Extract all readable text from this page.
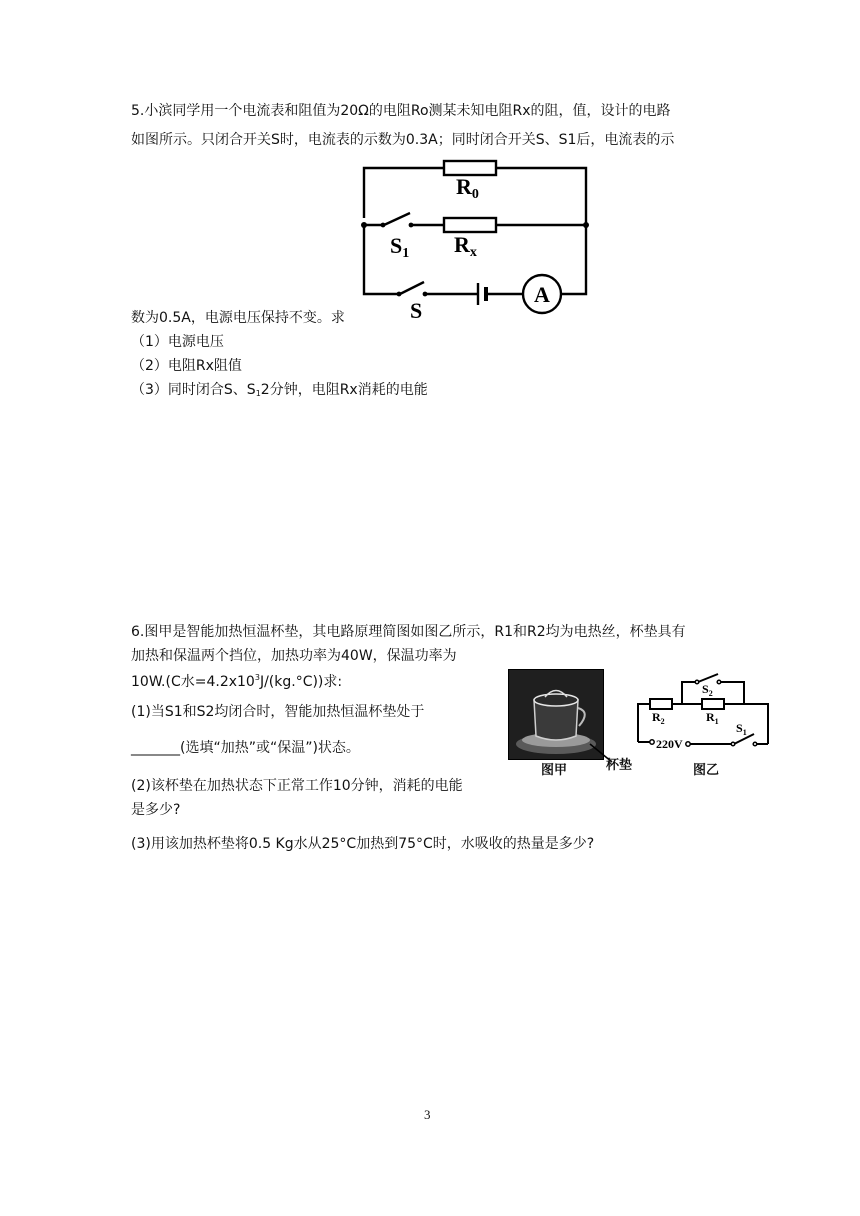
5.小滨同学用一个电流表和阻值为20Ω的电阻Ro测某未知电阻Rx的阻，值，设计的电路
如图所示。只闭合开关S时，电流表的示数为0.3A；同时闭合开关S、S1后，电流表的示
R0
Rx
S1
S
A
数为0.5A，电源电压保持不变。求
（1）电源电压
（2）电阻Rx阻值
（3）同时闭合S、$S_12$分钟，电阻Rx消耗的电能
6.图甲是智能加热恒温杯垫，其电路原理简图如图乙所示，R1和R2均为电热丝，杯垫具有
加热和保温两个挡位，加热功率为40W，保温功率为
10W.(C水$=4.2x10^3J/(kg.^\circ C)$)求:
(1)当S1和S2均闭合时，智能加热恒温杯垫处于
_______(选填“加热”或“保温”)状态。
(2)该杯垫在加热状态下正常工作10分钟，消耗的电能
是多少?
(3)用该加热杯垫将0.5 Kg水从25°C加热到75°C时，水吸收的热量是多少?
图甲	杯垫	图乙
$S_2$
$R_2$	$R_1$
220V
$S_1$
3
